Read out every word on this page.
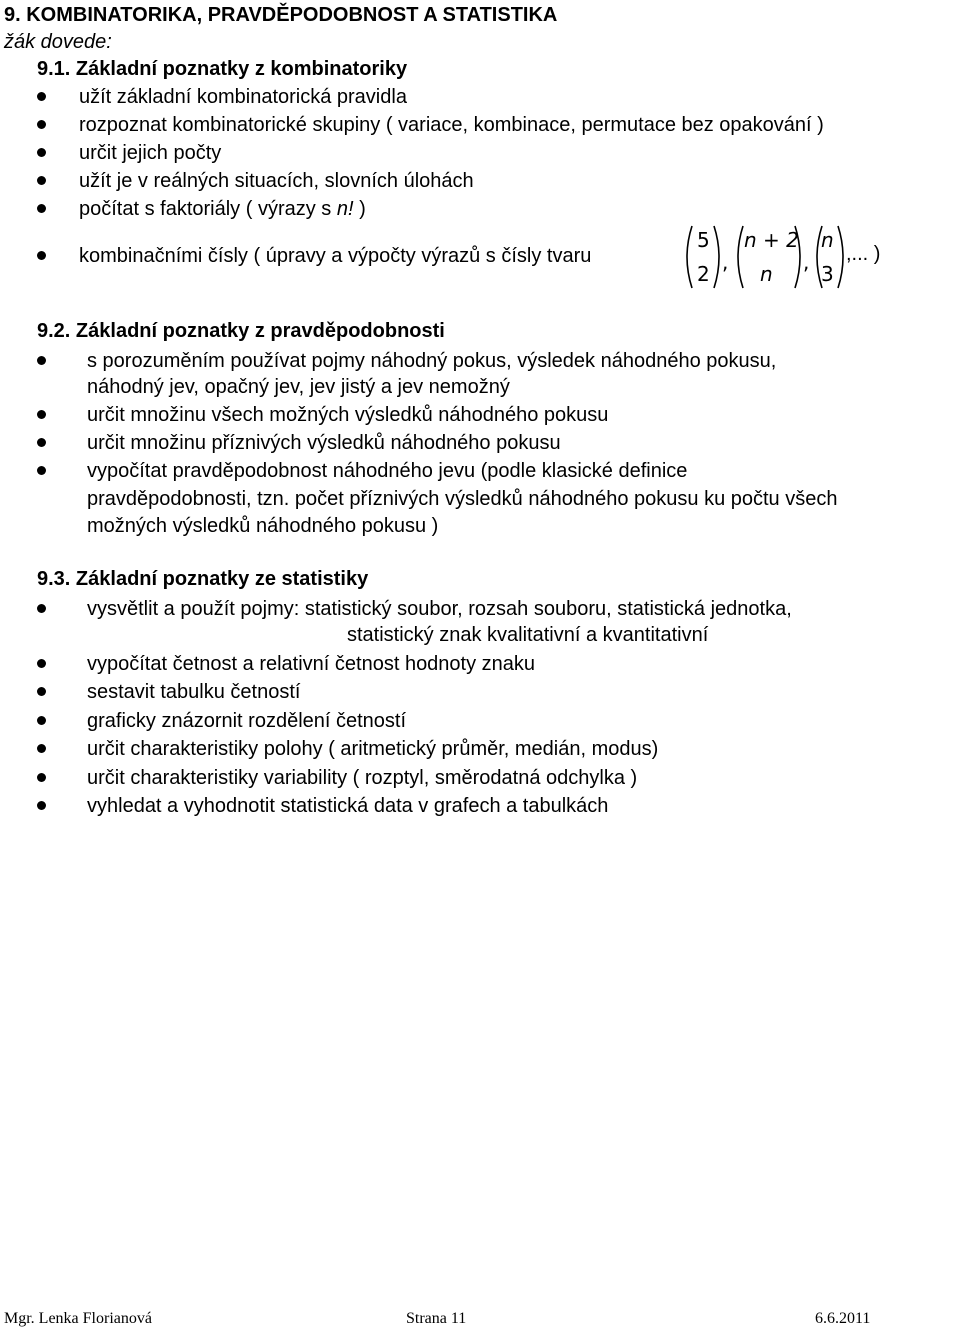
9. KOMBINATORIKA, PRAVDĚPODOBNOST A STATISTIKA
žák dovede:
9.1. Základní poznatky z kombinatoriky
užít základní kombinatorická pravidla
rozpoznat kombinatorické skupiny ( variace, kombinace, permutace bez opakování )
určit jejich počty
užít je v reálných situacích, slovních úlohách
počítat s faktoriály ( výrazy s n! )
kombinačními čísly ( úpravy a výpočty výrazů s čísly tvaru
5
2 ,
n + 2
n ,
n
3
,... )
9.2. Základní poznatky z pravděpodobnosti
s porozuměním používat pojmy náhodný pokus, výsledek náhodného pokusu,
náhodný jev, opačný jev, jev jistý a jev nemožný
určit množinu všech možných výsledků náhodného pokusu
určit množinu příznivých výsledků náhodného pokusu
vypočítat pravděpodobnost náhodného jevu (podle klasické definice
pravděpodobnosti, tzn. počet příznivých výsledků náhodného pokusu ku počtu všech
možných výsledků náhodného pokusu )
9.3. Základní poznatky ze statistiky
vysvětlit a použít pojmy: statistický soubor, rozsah souboru, statistická jednotka,
statistický znak kvalitativní a kvantitativní
vypočítat četnost a relativní četnost hodnoty znaku
sestavit tabulku četností
graficky znázornit rozdělení četností
určit charakteristiky polohy ( aritmetický průměr, medián, modus)
určit charakteristiky variability ( rozptyl, směrodatná odchylka )
vyhledat a vyhodnotit statistická data v grafech a tabulkách
Mgr. Lenka Florianová	Strana 11	6.6.2011
